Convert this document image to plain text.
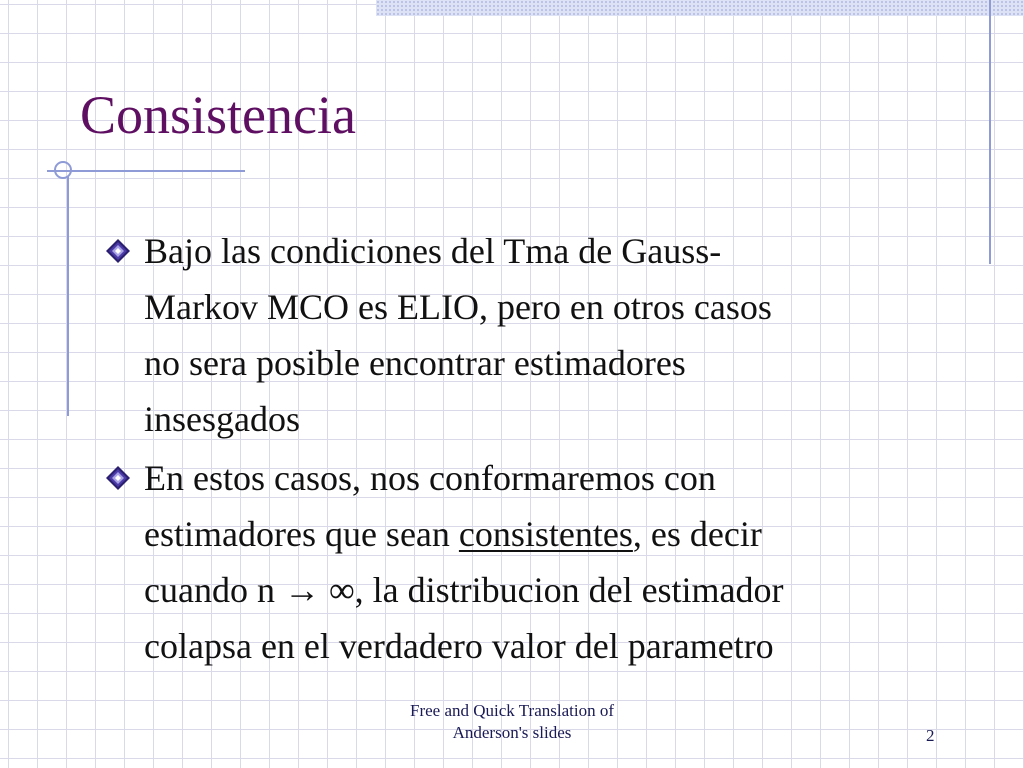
Consistencia
Bajo las condiciones del Tma de Gauss-
Markov MCO es ELIO, pero en otros casos
no sera posible encontrar estimadores
insesgados
En estos casos, nos conformaremos con
estimadores que sean consistentes, es decir
cuando n → ∞, la distribucion del estimador
colapsa en el verdadero valor del parametro
Free and Quick Translation of
Anderson's slides	2
